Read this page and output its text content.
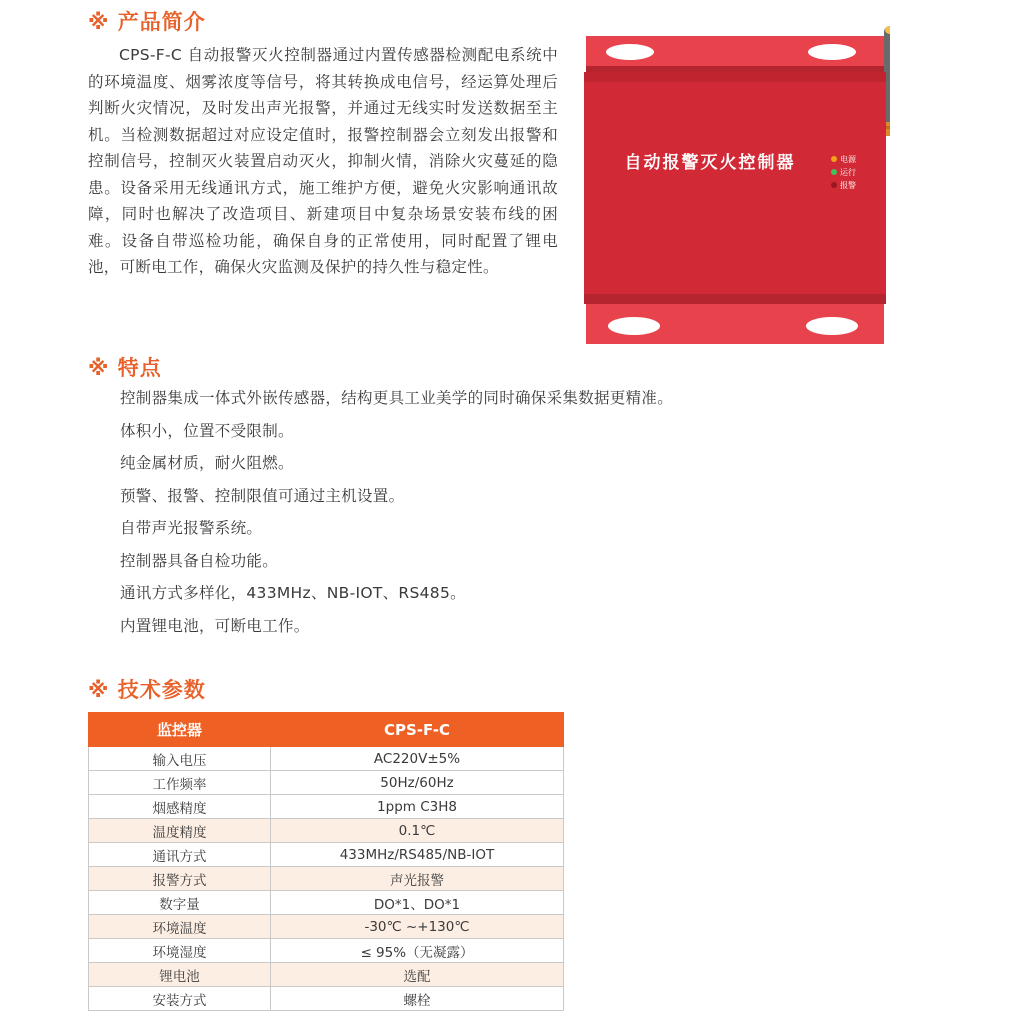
※ 产品简介

CPS-F-C 自动报警灭火控制器通过内置传感器检测配电系统中的环境温度、烟雾浓度等信号，将其转换成电信号，经运算处理后判断火灾情况，及时发出声光报警，并通过无线实时发送数据至主机。当检测数据超过对应设定值时，报警控制器会立刻发出报警和控制信号，控制灭火装置启动灭火，抑制火情，消除火灾蔓延的隐患。设备采用无线通讯方式，施工维护方便，避免火灾影响通讯故障，同时也解决了改造项目、新建项目中复杂场景安装布线的困难。设备自带巡检功能，确保自身的正常使用，同时配置了锂电池，可断电工作，确保火灾监测及保护的持久性与稳定性。

自动报警灭火控制器	电源
运行
报警
※ 特点
控制器集成一体式外嵌传感器，结构更具工业美学的同时确保采集数据更精准。
体积小，位置不受限制。
纯金属材质，耐火阻燃。
预警、报警、控制限值可通过主机设置。
自带声光报警系统。
控制器具备自检功能。
通讯方式多样化，433MHz、NB-IOT、RS485。
内置锂电池，可断电工作。
※ 技术参数
监控器	CPS-F-C
输入电压	AC220V±5%
工作频率	50Hz/60Hz
烟感精度	1ppm C3H8
温度精度	0.1℃
通讯方式	433MHz/RS485/NB-IOT
报警方式	声光报警
数字量	DO*1、DO*1
环境温度	-30℃ ~+130℃
环境湿度	≤ 95%（无凝露）
锂电池	选配
安装方式	螺栓
